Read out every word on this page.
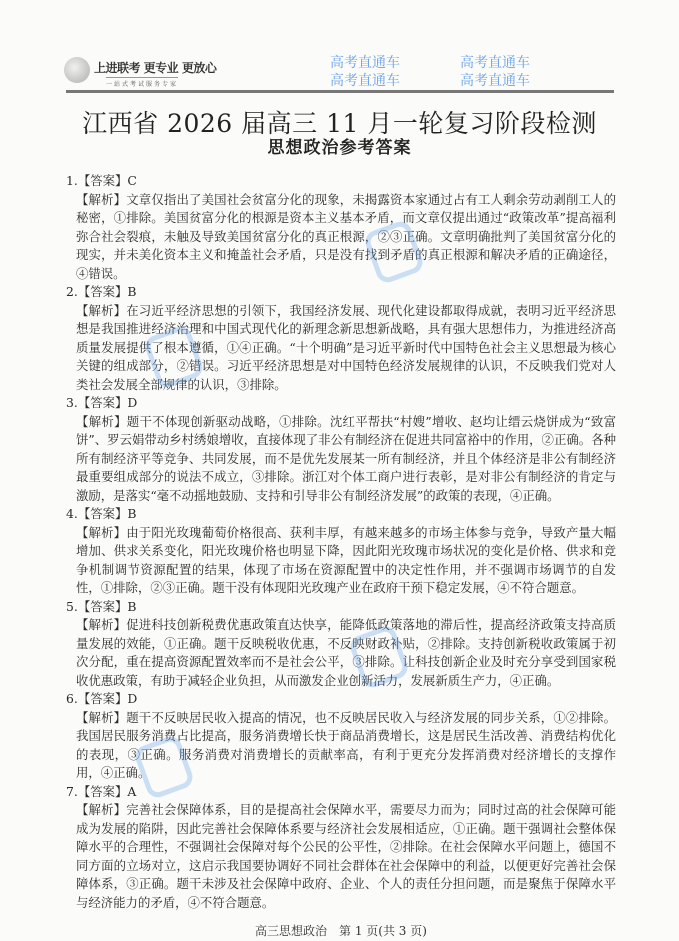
上进联考 更专业 更放心
一站式考试服务专家
江西省 2026 届高三 11 月一轮复习阶段检测
思想政治参考答案

1.【答案】C

【解析】文章仅指出了美国社会贫富分化的现象，未揭露资本家通过占有工人剩余劳动剥削工人的秘密，①排除。美国贫富分化的根源是资本主义基本矛盾，而文章仅提出通过“政策改革”提高福利弥合社会裂痕，未触及导致美国贫富分化的真正根源，②③正确。文章明确批判了美国贫富分化的现实，并未美化资本主义和掩盖社会矛盾，只是没有找到矛盾的真正根源和解决矛盾的正确途径，④错误。

2.【答案】B

【解析】在习近平经济思想的引领下，我国经济发展、现代化建设都取得成就，表明习近平经济思想是我国推进经济治理和中国式现代化的新理念新思想新战略，具有强大思想伟力，为推进经济高质量发展提供了根本遵循，①④正确。“十个明确”是习近平新时代中国特色社会主义思想最为核心关键的组成部分，②错误。习近平经济思想是对中国特色经济发展规律的认识，不反映我们党对人类社会发展全部规律的认识，③排除。

3.【答案】D

【解析】题干不体现创新驱动战略，①排除。沈红平帮扶“村嫂”增收、赵均让缙云烧饼成为“致富饼”、罗云娟带动乡村绣娘增收，直接体现了非公有制经济在促进共同富裕中的作用，②正确。各种所有制经济平等竞争、共同发展，而不是优先发展某一所有制经济，并且个体经济是非公有制经济最重要组成部分的说法不成立，③排除。浙江对个体工商户进行表彰，是对非公有制经济的肯定与激励，是落实“毫不动摇地鼓励、支持和引导非公有制经济发展”的政策的表现，④正确。

4.【答案】B

【解析】由于阳光玫瑰葡萄价格很高、获利丰厚，有越来越多的市场主体参与竞争，导致产量大幅增加、供求关系变化，阳光玫瑰价格也明显下降，因此阳光玫瑰市场状况的变化是价格、供求和竞争机制调节资源配置的结果，体现了市场在资源配置中的决定性作用，并不强调市场调节的自发性，①排除，②③正确。题干没有体现阳光玫瑰产业在政府干预下稳定发展，④不符合题意。

5.【答案】B

【解析】促进科技创新税费优惠政策直达快享，能降低政策落地的滞后性，提高经济政策支持高质量发展的效能，①正确。题干反映税收优惠，不反映财政补贴，②排除。支持创新税收政策属于初次分配，重在提高资源配置效率而不是社会公平，③排除。让科技创新企业及时充分享受到国家税收优惠政策，有助于减轻企业负担，从而激发企业创新活力，发展新质生产力，④正确。

6.【答案】D

【解析】题干不反映居民收入提高的情况，也不反映居民收入与经济发展的同步关系，①②排除。我国居民服务消费占比提高，服务消费增长快于商品消费增长，这是居民生活改善、消费结构优化的表现，③正确。服务消费对消费增长的贡献率高，有利于更充分发挥消费对经济增长的支撑作用，④正确。

7.【答案】A

【解析】完善社会保障体系，目的是提高社会保障水平，需要尽力而为；同时过高的社会保障可能成为发展的陷阱，因此完善社会保障体系要与经济社会发展相适应，①正确。题干强调社会整体保障水平的合理性，不强调社会保障对每个公民的公平性，②排除。在社会保障水平问题上，德国不同方面的立场对立，这启示我国要协调好不同社会群体在社会保障中的利益，以便更好完善社会保障体系，③正确。题干未涉及社会保障中政府、企业、个人的责任分担问题，而是聚焦于保障水平与经济能力的矛盾，④不符合题意。

高三思想政治　第 1 页(共 3 页)
高考直通车	高考直通车
高考直通车	高考直通车
